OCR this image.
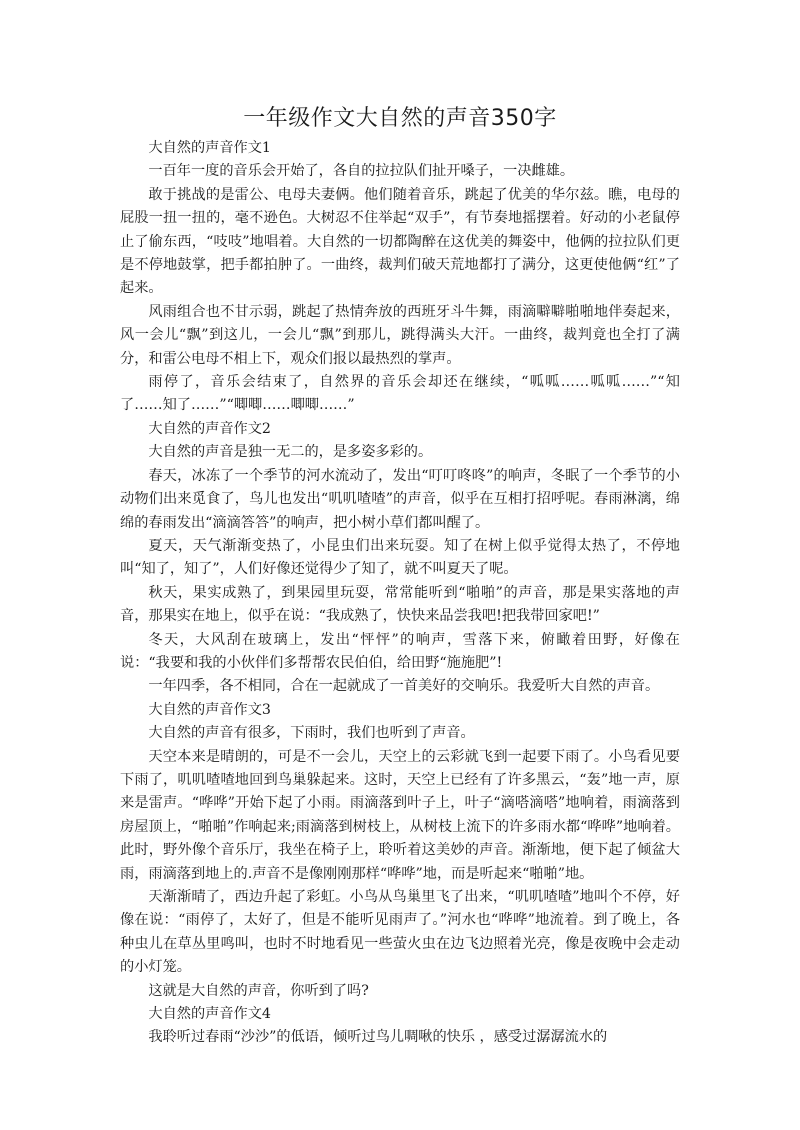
一年级作文大自然的声音350字

大自然的声音作文1

一百年一度的音乐会开始了，各自的拉拉队们扯开嗓子，一决雌雄。

敢于挑战的是雷公、电母夫妻俩。他们随着音乐，跳起了优美的华尔兹。瞧，电母的屁股一扭一扭的，毫不逊色。大树忍不住举起“双手”，有节奏地摇摆着。好动的小老鼠停止了偷东西，“吱吱”地唱着。大自然的一切都陶醉在这优美的舞姿中，他俩的拉拉队们更是不停地鼓掌，把手都拍肿了。一曲终，裁判们破天荒地都打了满分，这更使他俩“红”了起来。

风雨组合也不甘示弱，跳起了热情奔放的西班牙斗牛舞，雨滴噼噼啪啪地伴奏起来，风一会儿“飘”到这儿，一会儿“飘”到那儿，跳得满头大汗。一曲终，裁判竟也全打了满分，和雷公电母不相上下，观众们报以最热烈的掌声。

雨停了，音乐会结束了，自然界的音乐会却还在继续，“呱呱……呱呱……”“知了……知了……”“唧唧……唧唧……”

大自然的声音作文2

大自然的声音是独一无二的，是多姿多彩的。

春天，冰冻了一个季节的河水流动了，发出“叮叮咚咚”的响声，冬眠了一个季节的小动物们出来觅食了，鸟儿也发出“叽叽喳喳”的声音，似乎在互相打招呼呢。春雨淋漓，绵绵的春雨发出“滴滴答答”的响声，把小树小草们都叫醒了。

夏天，天气渐渐变热了，小昆虫们出来玩耍。知了在树上似乎觉得太热了，不停地叫“知了，知了”，人们好像还觉得少了知了，就不叫夏天了呢。

秋天，果实成熟了，到果园里玩耍，常常能听到“啪啪”的声音，那是果实落地的声音，那果实在地上，似乎在说：“我成熟了，快快来品尝我吧!把我带回家吧!”

冬天，大风刮在玻璃上，发出“怦怦”的响声，雪落下来，俯瞰着田野，好像在说：“我要和我的小伙伴们多帮帮农民伯伯，给田野“施施肥”!

一年四季，各不相同，合在一起就成了一首美好的交响乐。我爱听大自然的声音。

大自然的声音作文3

大自然的声音有很多，下雨时，我们也听到了声音。

天空本来是晴朗的，可是不一会儿，天空上的云彩就飞到一起要下雨了。小鸟看见要下雨了，叽叽喳喳地回到鸟巢躲起来。这时，天空上已经有了许多黑云，“轰”地一声，原来是雷声。“哗哗”开始下起了小雨。雨滴落到叶子上，叶子“滴嗒滴嗒”地响着，雨滴落到房屋顶上，“啪啪”作响起来;雨滴落到树枝上，从树枝上流下的许多雨水都“哗哗”地响着。此时，野外像个音乐厅，我坐在椅子上，聆听着这美妙的声音。渐渐地，便下起了倾盆大雨，雨滴落到地上的.声音不是像刚刚那样“哗哗”地，而是听起来“啪啪”地。

天渐渐晴了，西边升起了彩虹。小鸟从鸟巢里飞了出来，“叽叽喳喳”地叫个不停，好像在说：“雨停了，太好了，但是不能听见雨声了。”河水也“哗哗”地流着。到了晚上，各种虫儿在草丛里鸣叫，也时不时地看见一些萤火虫在边飞边照着光亮，像是夜晚中会走动的小灯笼。

这就是大自然的声音，你听到了吗?

大自然的声音作文4

我聆听过春雨“沙沙”的低语，倾听过鸟儿啁啾的快乐 ，感受过潺潺流水的
